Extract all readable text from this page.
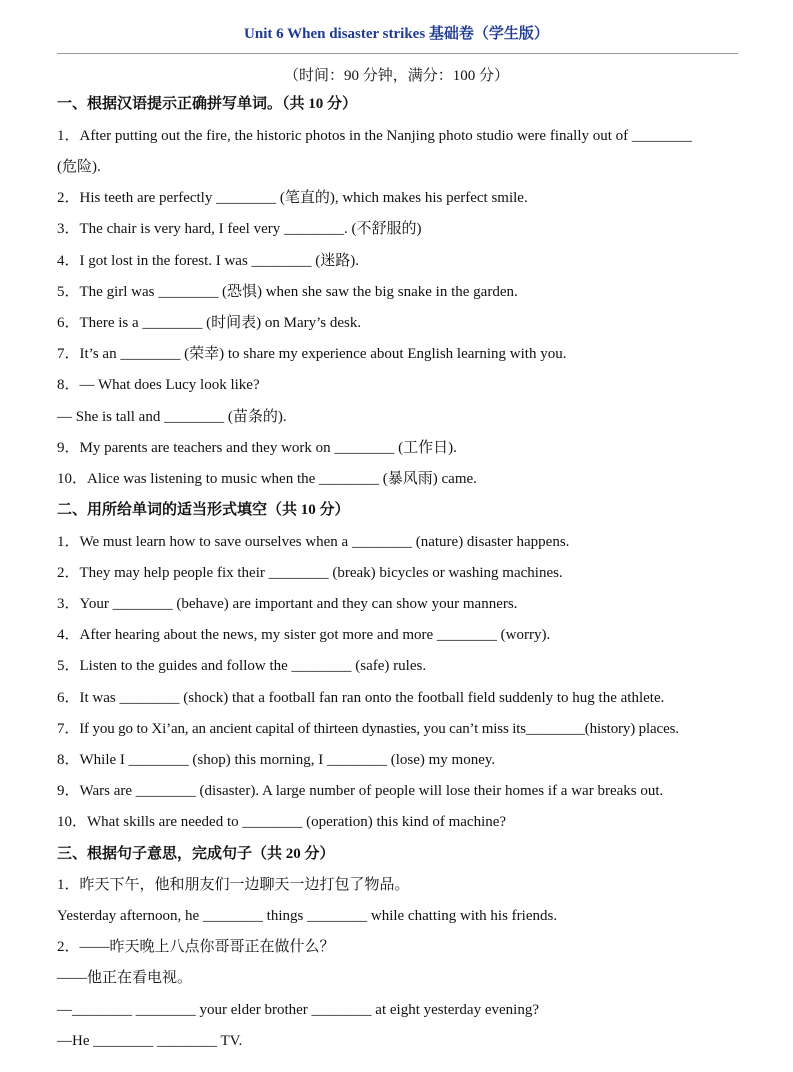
Unit 6 When disaster strikes 基础卷（学生版）
（时间：90 分钟，满分：100 分）
一、根据汉语提示正确拼写单词。（共 10 分）
1．After putting out the fire, the historic photos in the Nanjing photo studio were finally out of ________
(危险).
2．His teeth are perfectly ________ (笔直的), which makes his perfect smile.
3．The chair is very hard, I feel very ________. (不舒服的)
4．I got lost in the forest. I was ________ (迷路).
5．The girl was ________ (恐惧) when she saw the big snake in the garden.
6．There is a ________ (时间表) on Mary’s desk.
7．It’s an ________ (荣幸) to share my experience about English learning with you.
8．— What does Lucy look like?
— She is tall and ________ (苗条的).
9．My parents are teachers and they work on ________ (工作日).
10．Alice was listening to music when the ________ (暴风雨) came.
二、用所给单词的适当形式填空（共 10 分）
1．We must learn how to save ourselves when a ________ (nature) disaster happens.
2．They may help people fix their ________ (break) bicycles or washing machines.
3．Your ________ (behave) are important and they can show your manners.
4．After hearing about the news, my sister got more and more ________ (worry).
5．Listen to the guides and follow the ________ (safe) rules.
6．It was ________ (shock) that a football fan ran onto the football field suddenly to hug the athlete.
7．If you go to Xi’an, an ancient capital of thirteen dynasties, you can’t miss its________(history) places.
8．While I ________ (shop) this morning, I ________ (lose) my money.
9．Wars are ________ (disaster). A large number of people will lose their homes if a war breaks out.
10．What skills are needed to ________ (operation) this kind of machine?
三、根据句子意思，完成句子（共 20 分）
1．昨天下午，他和朋友们一边聊天一边打包了物品。
Yesterday afternoon, he ________ things ________ while chatting with his friends.
2．——昨天晚上八点你哥哥正在做什么？
——他正在看电视。
—________ ________ your elder brother ________ at eight yesterday evening?
—He ________ ________ TV.
